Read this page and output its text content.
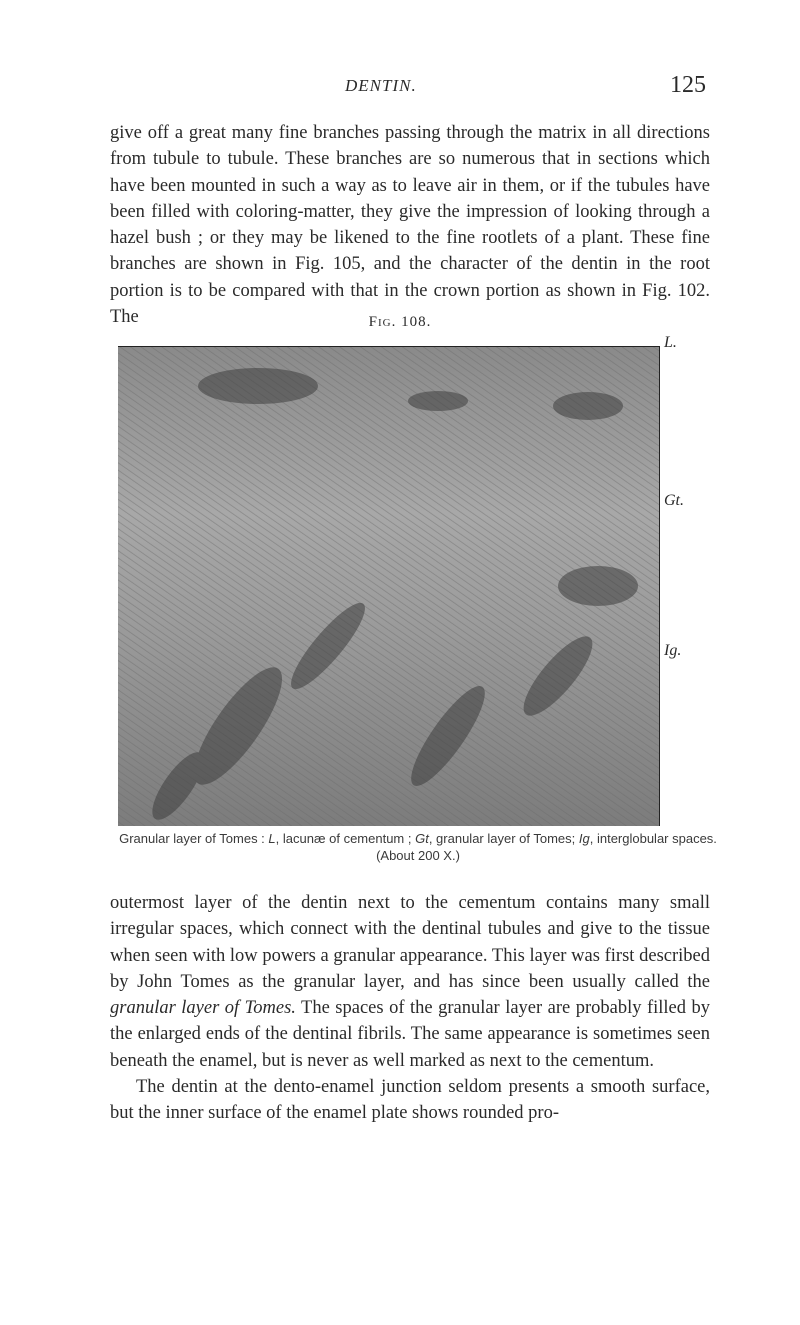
DENTIN.	125

give off a great many fine branches passing through the matrix in all directions from tubule to tubule. These branches are so numerous that in sections which have been mounted in such a way as to leave air in them, or if the tubules have been filled with coloring-matter, they give the impression of looking through a hazel bush ; or they may be likened to the fine rootlets of a plant. These fine branches are shown in Fig. 105, and the character of the dentin in the root portion is to be compared with that in the crown portion as shown in Fig. 102. The	Fig. 108.
L.
Gt.
Ig.
Granular layer of Tomes : L, lacunæ of cementum ; Gt, granular layer of Tomes; Ig, interglobular spaces. (About 200 X.)

outermost layer of the dentin next to the cementum contains many small irregular spaces, which connect with the dentinal tubules and give to the tissue when seen with low powers a granular appearance. This layer was first described by John Tomes as the granular layer, and has since been usually called the granular layer of Tomes. The spaces of the granular layer are probably filled by the enlarged ends of the dentinal fibrils. The same appearance is sometimes seen beneath the enamel, but is never as well marked as next to the cementum.

The dentin at the dento-enamel junction seldom presents a smooth surface, but the inner surface of the enamel plate shows rounded pro-
